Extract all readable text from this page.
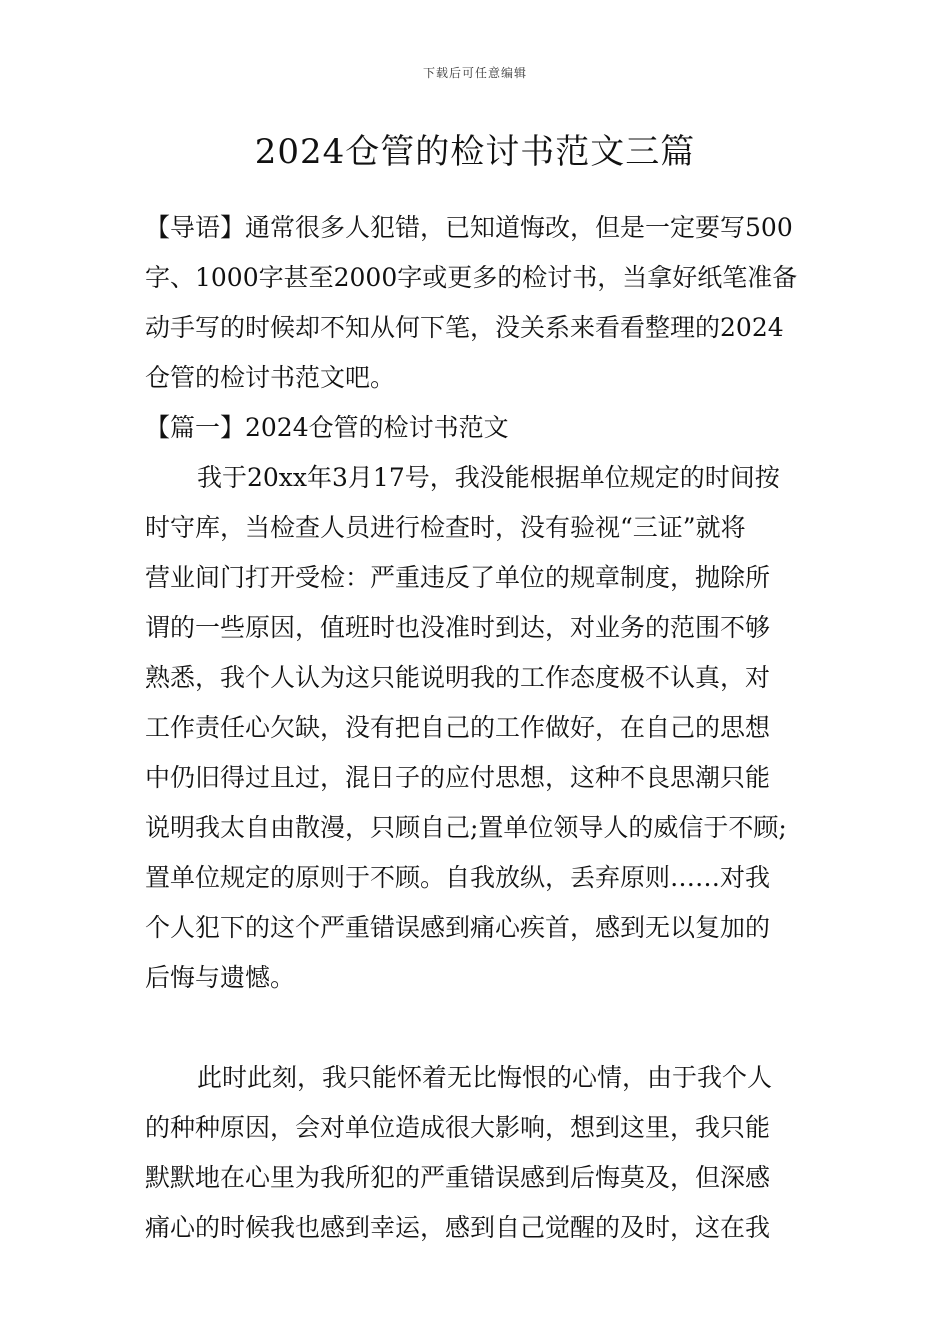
下载后可任意编辑
2024仓管的检讨书范文三篇
【导语】通常很多人犯错，已知道悔改，但是一定要写500
字、1000字甚至2000字或更多的检讨书，当拿好纸笔准备
动手写的时候却不知从何下笔，没关系来看看整理的2024
仓管的检讨书范文吧。
【篇一】2024仓管的检讨书范文
我于20xx年3月17号，我没能根据单位规定的时间按
时守库，当检查人员进行检查时，没有验视“三证”就将
营业间门打开受检：严重违反了单位的规章制度，抛除所
谓的一些原因，值班时也没准时到达，对业务的范围不够
熟悉，我个人认为这只能说明我的工作态度极不认真，对
工作责任心欠缺，没有把自己的工作做好，在自己的思想
中仍旧得过且过，混日子的应付思想，这种不良思潮只能
说明我太自由散漫，只顾自己;置单位领导人的威信于不顾;
置单位规定的原则于不顾。自我放纵，丢弃原则……对我
个人犯下的这个严重错误感到痛心疾首，感到无以复加的
后悔与遗憾。
此时此刻，我只能怀着无比悔恨的心情，由于我个人
的种种原因，会对单位造成很大影响，想到这里，我只能
默默地在心里为我所犯的严重错误感到后悔莫及，但深感
痛心的时候我也感到幸运，感到自己觉醒的及时，这在我
